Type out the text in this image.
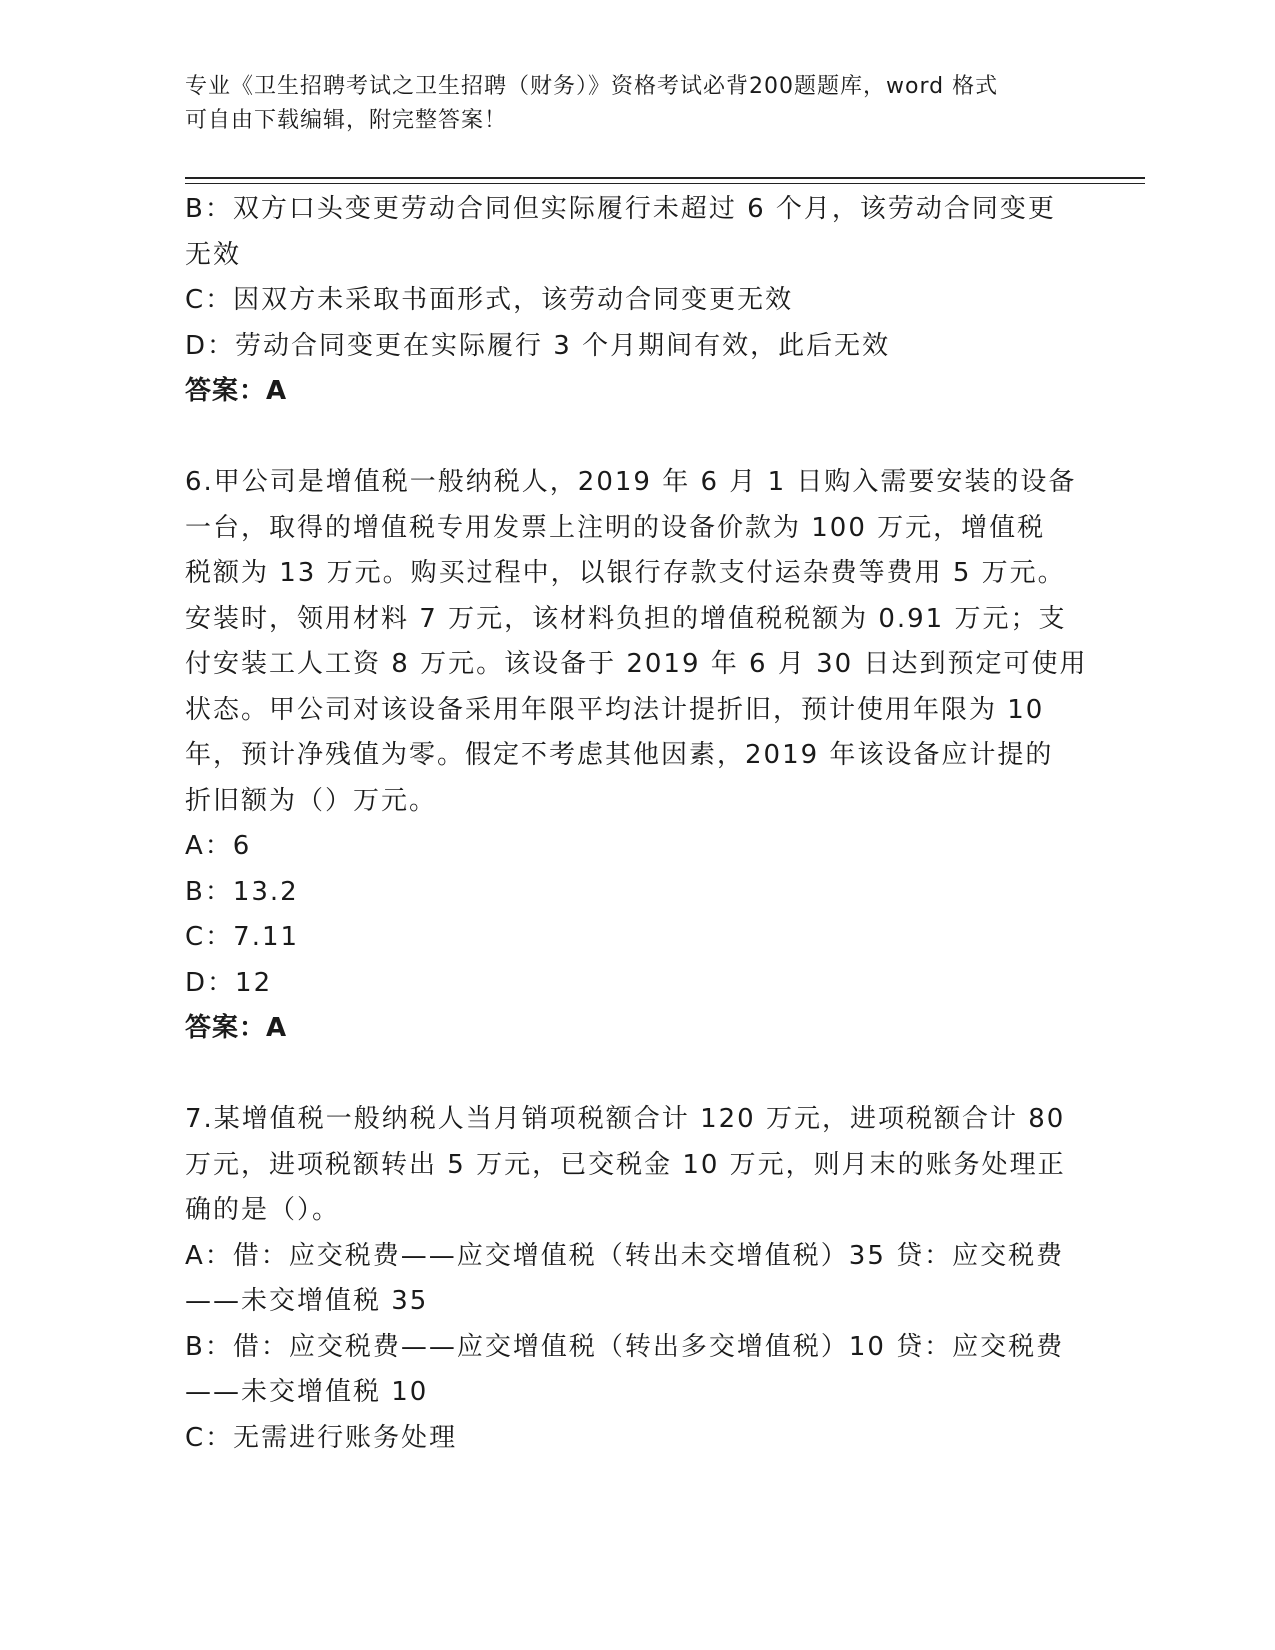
专业《卫生招聘考试之卫生招聘（财务）》资格考试必背200题题库，word 格式
可自由下载编辑，附完整答案！
B：双方口头变更劳动合同但实际履行未超过 6 个月，该劳动合同变更
无效
C：因双方未采取书面形式，该劳动合同变更无效
D：劳动合同变更在实际履行 3 个月期间有效，此后无效
答案：A
6.甲公司是增值税一般纳税人，2019 年 6 月 1 日购入需要安装的设备
一台，取得的增值税专用发票上注明的设备价款为 100 万元，增值税
税额为 13 万元。购买过程中，以银行存款支付运杂费等费用 5 万元。
安装时，领用材料 7 万元，该材料负担的增值税税额为 0.91 万元；支
付安装工人工资 8 万元。该设备于 2019 年 6 月 30 日达到预定可使用
状态。甲公司对该设备采用年限平均法计提折旧，预计使用年限为 10
年，预计净残值为零。假定不考虑其他因素，2019 年该设备应计提的
折旧额为（）万元。
A：6
B：13.2
C：7.11
D：12
答案：A
7.某增值税一般纳税人当月销项税额合计 120 万元，进项税额合计 80
万元，进项税额转出 5 万元，已交税金 10 万元，则月末的账务处理正
确的是（）。
A：借：应交税费——应交增值税（转出未交增值税）35 贷：应交税费
——未交增值税 35
B：借：应交税费——应交增值税（转出多交增值税）10 贷：应交税费
——未交增值税 10
C：无需进行账务处理
